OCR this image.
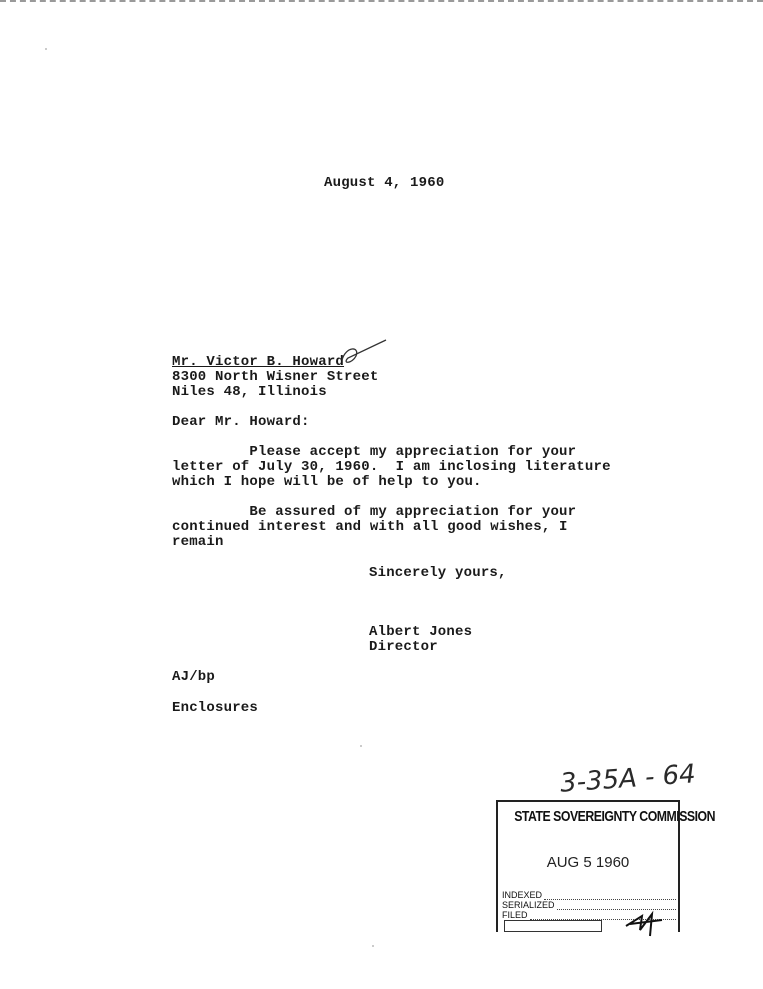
August 4, 1960
Mr. Victor B. Howard
8300 North Wisner Street
Niles 48, Illinois
Dear Mr. Howard:
Please accept my appreciation for your
letter of July 30, 1960.  I am inclosing literature
which I hope will be of help to you.
Be assured of my appreciation for your
continued interest and with all good wishes, I
remain
Sincerely yours,
Albert Jones
Director
AJ/bp
Enclosures
3-35A - 64
STATE SOVEREIGNTY COMMISSION
AUG 5 1960
INDEXED
SERIALIZED
FILED
